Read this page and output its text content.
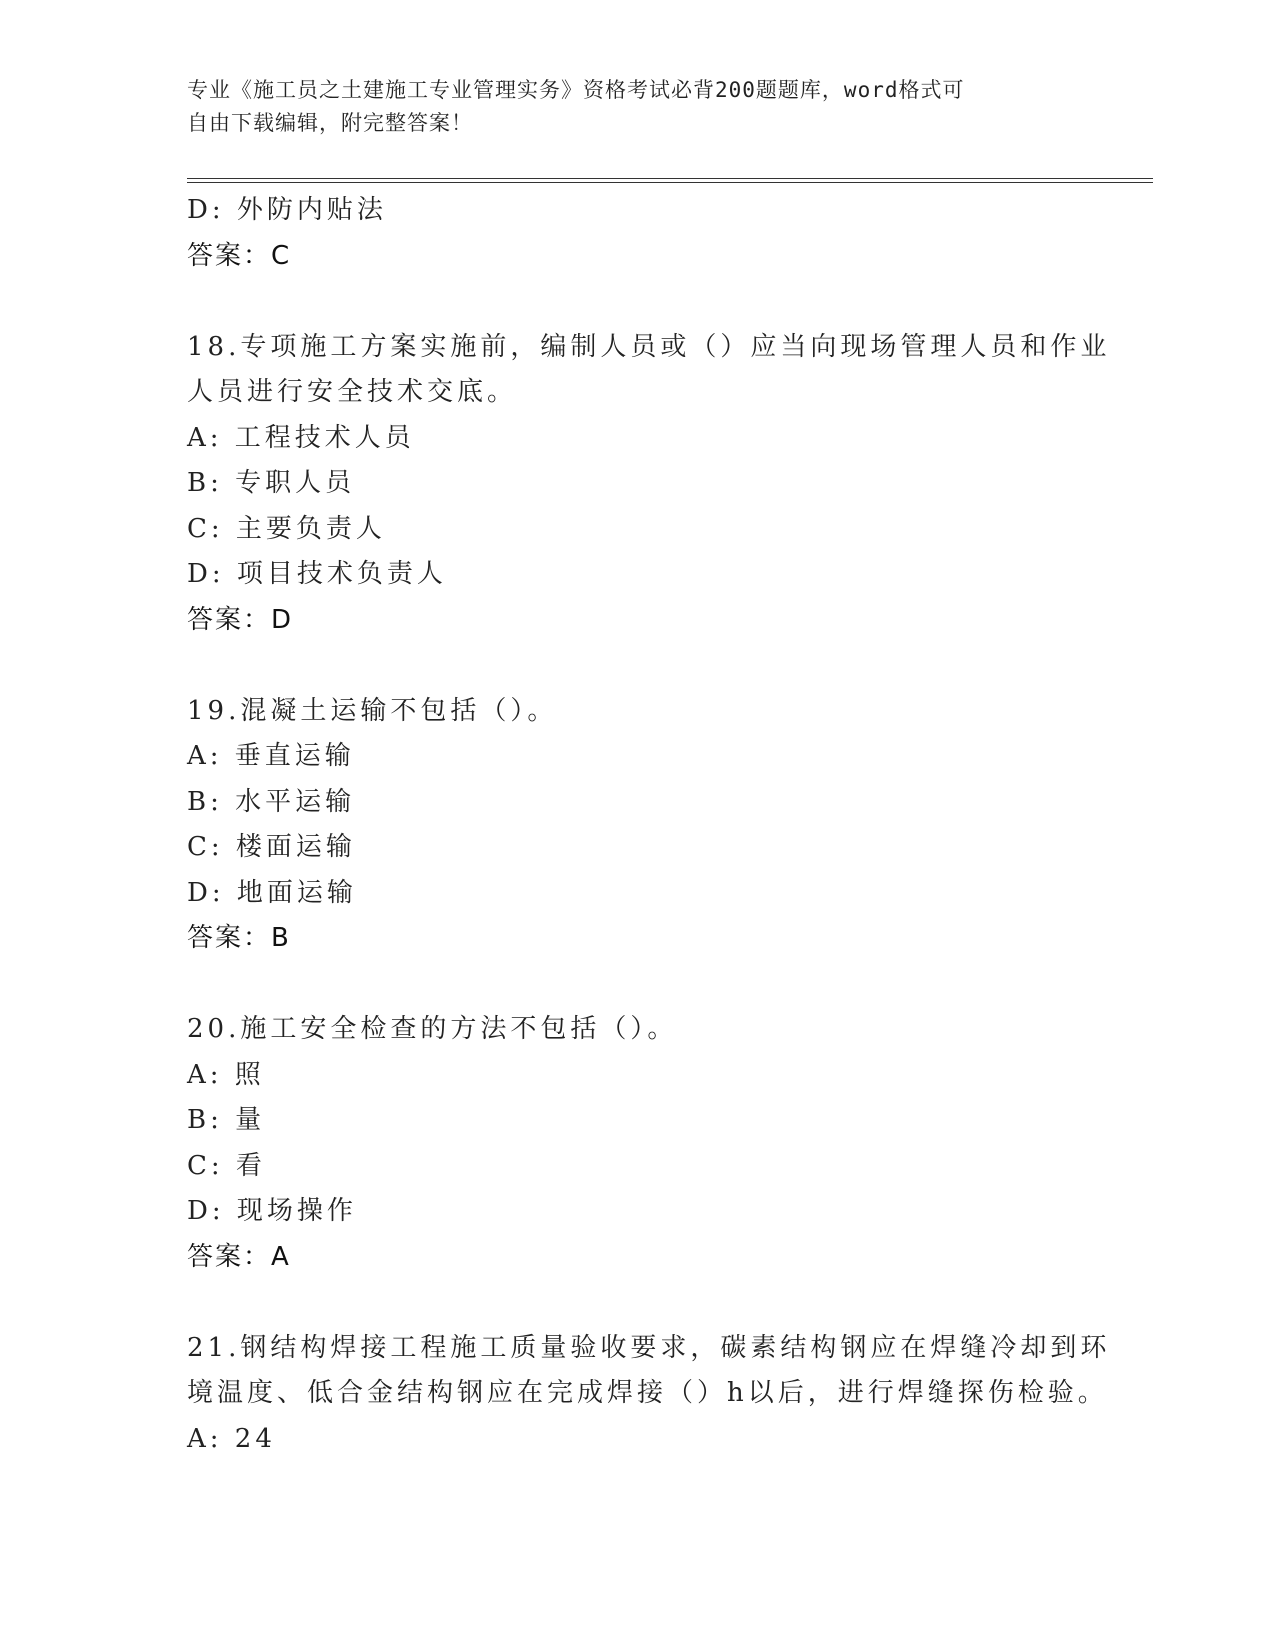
专业《施工员之土建施工专业管理实务》资格考试必背200题题库，word格式可
自由下载编辑，附完整答案！
D: 外防内贴法
答案：C
18.专项施工方案实施前，编制人员或（）应当向现场管理人员和作业
人员进行安全技术交底。
A: 工程技术人员
B: 专职人员
C: 主要负责人
D: 项目技术负责人
答案：D
19.混凝土运输不包括（）。
A: 垂直运输
B: 水平运输
C: 楼面运输
D: 地面运输
答案：B
20.施工安全检查的方法不包括（）。
A: 照
B: 量
C: 看
D: 现场操作
答案：A
21.钢结构焊接工程施工质量验收要求，碳素结构钢应在焊缝冷却到环
境温度、低合金结构钢应在完成焊接（）h以后，进行焊缝探伤检验。
A: 24
